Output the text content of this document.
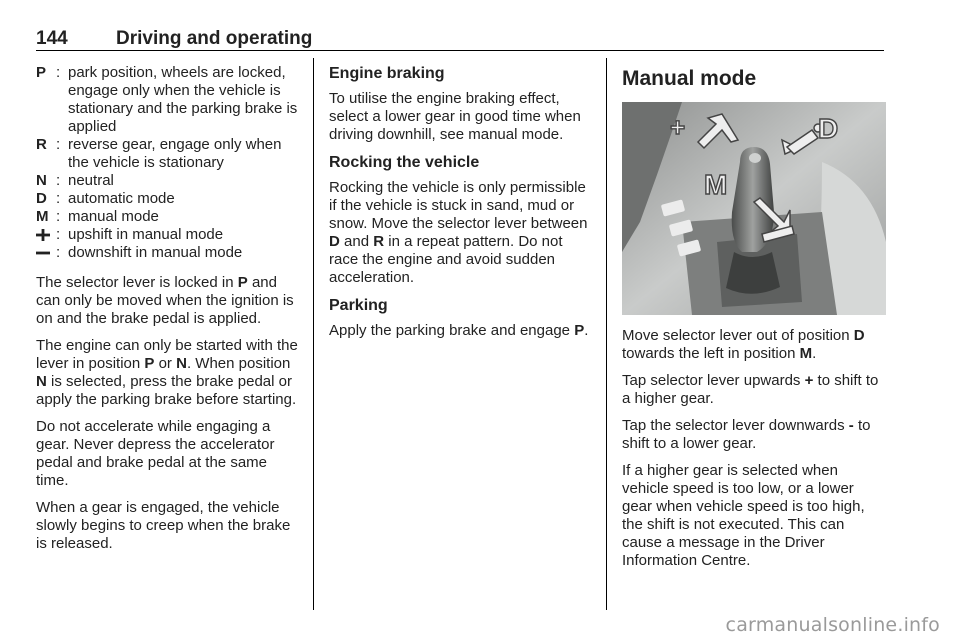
144	Driving and operating
P : park position, wheels are locked, engage only when the vehicle is stationary and the parking brake is applied
R : reverse gear, engage only when the vehicle is stationary
N : neutral
D : automatic mode
M : manual mode
: upshift in manual mode
: downshift in manual mode

The selector lever is locked in P and can only be moved when the ignition is on and the brake pedal is applied.

The engine can only be started with the lever in position P or N. When position N is selected, press the brake pedal or apply the parking brake before starting.

Do not accelerate while engaging a gear. Never depress the accelerator pedal and brake pedal at the same time.

When a gear is engaged, the vehicle slowly begins to creep when the brake is released.

Engine braking

To utilise the engine braking effect, select a lower gear in good time when driving downhill, see manual mode.

Rocking the vehicle

Rocking the vehicle is only permissible if the vehicle is stuck in sand, mud or snow. Move the selector lever between D and R in a repeat pattern. Do not race the engine and avoid sudden acceleration.

Parking

Apply the parking brake and engage P.

Manual mode
+	D
M

Move selector lever out of position D towards the left in position M.

Tap selector lever upwards + to shift to a higher gear.

Tap the selector lever downwards - to shift to a lower gear.

If a higher gear is selected when vehicle speed is too low, or a lower gear when vehicle speed is too high, the shift is not executed. This can cause a message in the Driver Information Centre.

carmanualsonline.info
